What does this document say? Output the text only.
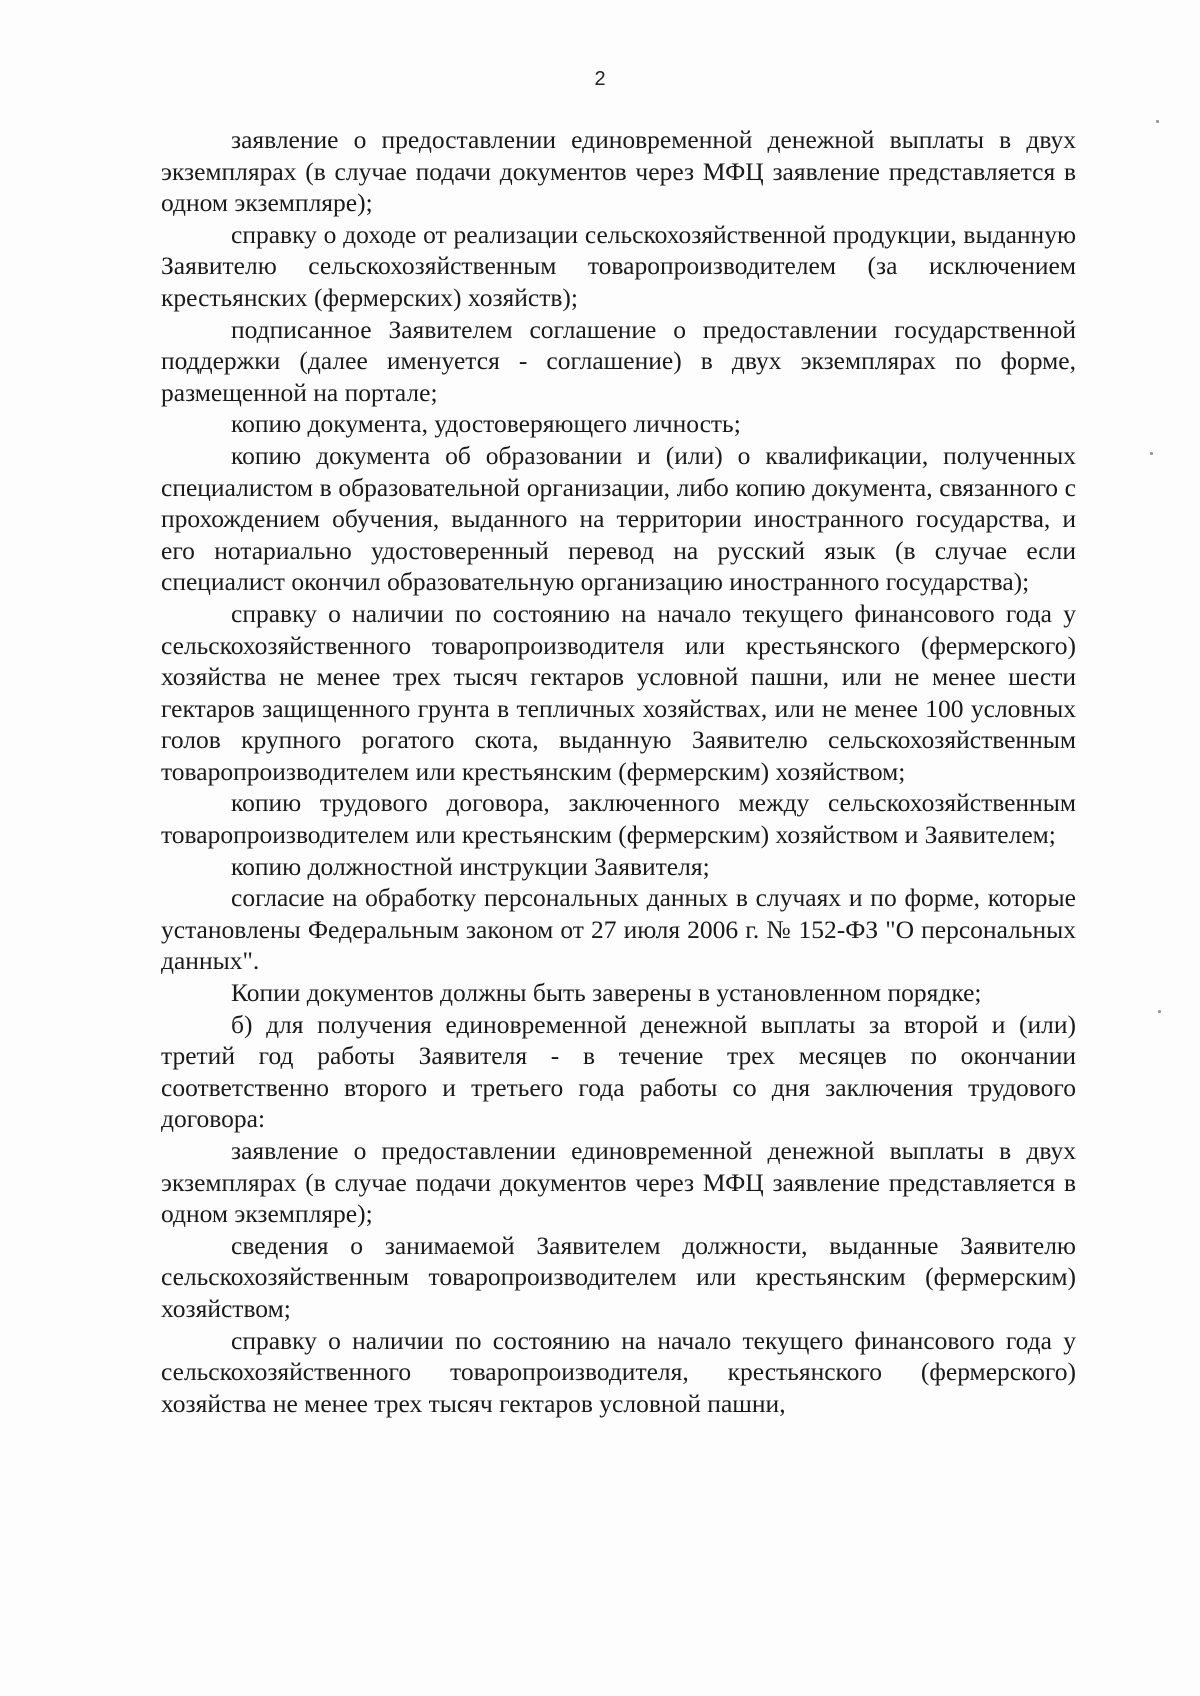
2

заявление о предоставлении единовременной денежной выплаты в двух экземплярах (в случае подачи документов через МФЦ заявление представляется в одном экземпляре);

справку о доходе от реализации сельскохозяйственной продукции, выданную Заявителю сельскохозяйственным товаропроизводителем (за исключением крестьянских (фермерских) хозяйств);

подписанное Заявителем соглашение о предоставлении государственной поддержки (далее именуется - соглашение) в двух экземплярах по форме, размещенной на портале;

копию документа, удостоверяющего личность;

копию документа об образовании и (или) о квалификации, полученных специалистом в образовательной организации, либо копию документа, связанного с прохождением обучения, выданного на территории иностранного государства, и его нотариально удостоверенный перевод на русский язык (в случае если специалист окончил образовательную организацию иностранного государства);

справку о наличии по состоянию на начало текущего финансового года у сельскохозяйственного товаропроизводителя или крестьянского (фермерского) хозяйства не менее трех тысяч гектаров условной пашни, или не менее шести гектаров защищенного грунта в тепличных хозяйствах, или не менее 100 условных голов крупного рогатого скота, выданную Заявителю сельскохозяйственным товаропроизводителем или крестьянским (фермерским) хозяйством;

копию трудового договора, заключенного между сельскохозяйственным товаропроизводителем или крестьянским (фермерским) хозяйством и Заявителем;

копию должностной инструкции Заявителя;

согласие на обработку персональных данных в случаях и по форме, которые установлены Федеральным законом от 27 июля 2006 г. № 152-ФЗ "О персональных данных".

Копии документов должны быть заверены в установленном порядке;

б) для получения единовременной денежной выплаты за второй и (или) третий год работы Заявителя - в течение трех месяцев по окончании соответственно второго и третьего года работы со дня заключения трудового договора:

заявление о предоставлении единовременной денежной выплаты в двух экземплярах (в случае подачи документов через МФЦ заявление представляется в одном экземпляре);

сведения о занимаемой Заявителем должности, выданные Заявителю сельскохозяйственным товаропроизводителем или крестьянским (фермерским) хозяйством;

справку о наличии по состоянию на начало текущего финансового года у сельскохозяйственного товаропроизводителя, крестьянского (фермерского) хозяйства не менее трех тысяч гектаров условной пашни,
